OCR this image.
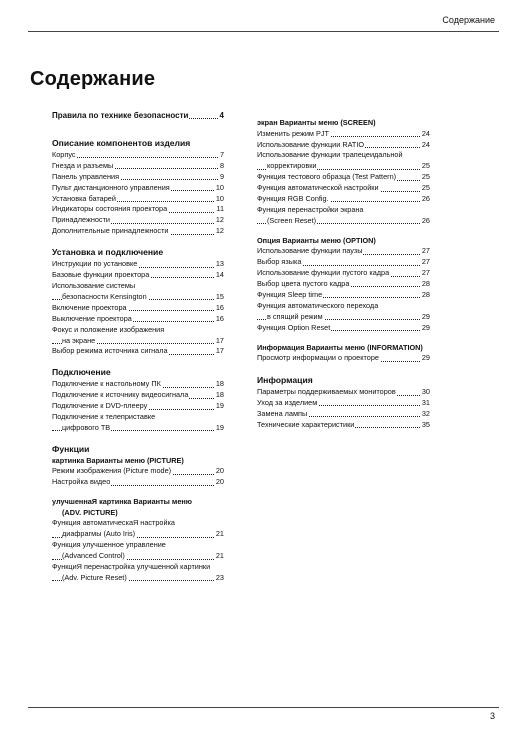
Содержание
Содержание
Правила по технике безопасности	4
Описание компонентов изделия
Корпус	7
Гнезда и разъемы	8
Панель управления	9
Пульт дистанционного управления	10
Установка батарей	10
Индикаторы состояния проектора	11
Принадлежности	12
Дополнительные принадлежности	12
Установка и подключение
Инструкции по установке	13
Базовые функции проектора	14
Использование системы
безопасности Kensington	15
Включение проектора	16
Выключение проектора	16
Фокус и положение изображения
на экране	17
Выбор режима источника сигнала	17
Подключение
Подключение к настольному ПК	18
Подключение к источнику видеосигнала	18
Подключение к DVD-плееру	19
Подключение к телеприставке
цифрового ТВ	19
Функции
картинка Варианты меню (PICTURE)
Режим изображения (Picture mode)	20
Настройка видео	20
улучшеннаЯ картинка Варианты меню
(ADV. PICTURE)
Функция автоматическаЯ настройка
диафрагмы (Auto Iris)	21
Функция улучшенное управление
(Advanced Control)	21
ФункциЯ перенастройка улучшенной картинки
(Adv. Picture Reset)	23
экран Варианты меню (SCREEN)
Изменить режим PJT	24
Использование функции RATIO	24
Использование функции трапецеидальной
корректировки	25
Функция тестового образца (Test Pattern)	25
Функция автоматической настройки	25
Функция RGB Config.	26
Функция перенастройки экрана
(Screen Reset)	26
Опция Варианты меню (OPTION)
Использование функции паузы	27
Выбор языка	27
Использование функции пустого кадра	27
Выбор цвета пустого кадра	28
Функция Sleep time	28
Функция автоматического перехода
в спящий режим	29
Функция Option Reset	29
Информация Варианты меню (INFORMATION)
Просмотр информации о проекторе	29
Информация
Параметры поддерживаемых мониторов	30
Уход за изделием	31
Замена лампы	32
Технические характеристики	35
3
